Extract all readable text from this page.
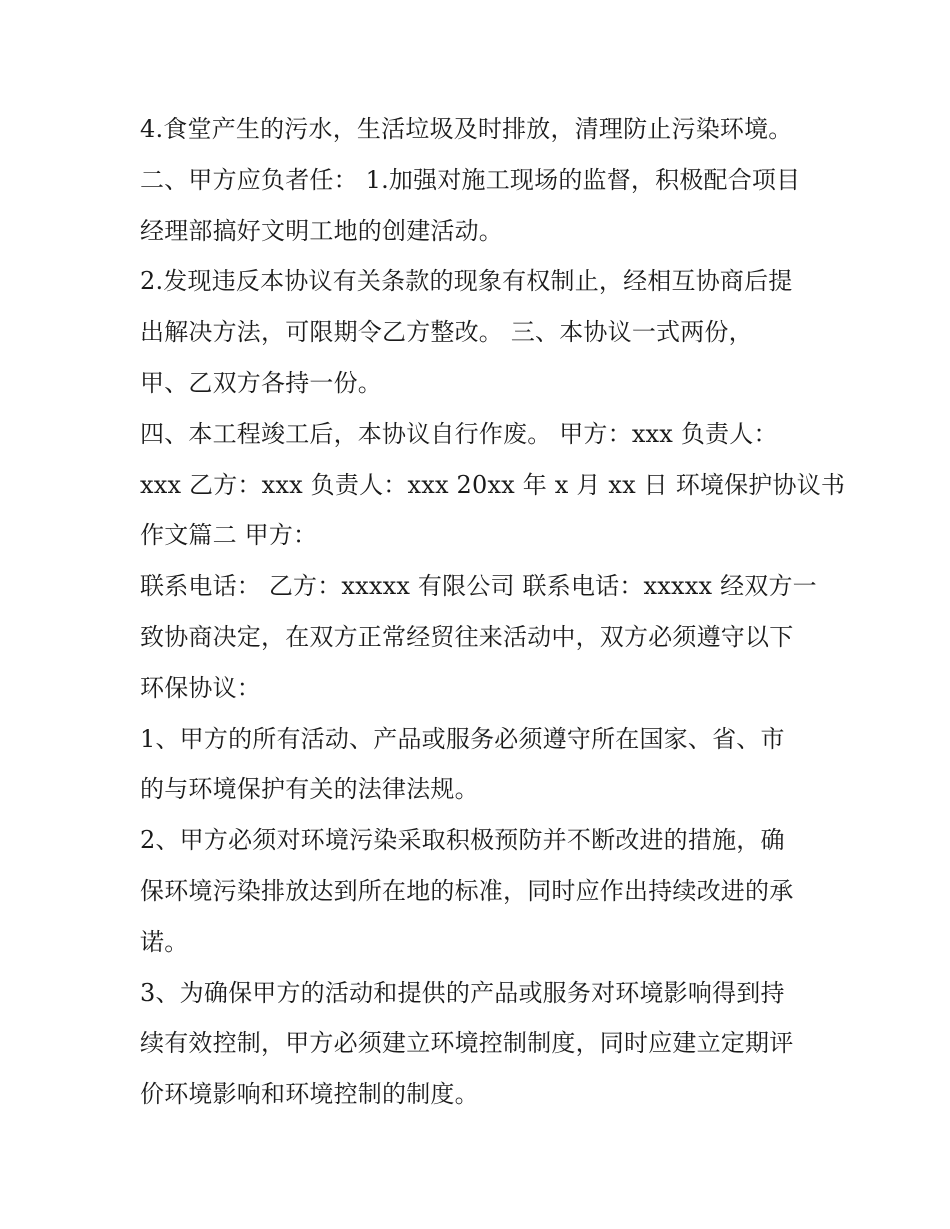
4.食堂产生的污水，生活垃圾及时排放，清理防止污染环境。
二、甲方应负者任： 1.加强对施工现场的监督，积极配合项目
经理部搞好文明工地的创建活动。
2.发现违反本协议有关条款的现象有权制止，经相互协商后提
出解决方法，可限期令乙方整改。 三、本协议一式两份，
甲、乙双方各持一份。
四、本工程竣工后，本协议自行作废。 甲方：xxx 负责人：
xxx 乙方：xxx 负责人：xxx 20xx 年 x 月 xx 日 环境保护协议书
作文篇二 甲方：
联系电话： 乙方：xxxxx 有限公司 联系电话：xxxxx 经双方一
致协商决定，在双方正常经贸往来活动中，双方必须遵守以下
环保协议：
1、甲方的所有活动、产品或服务必须遵守所在国家、省、市
的与环境保护有关的法律法规。
2、甲方必须对环境污染采取积极预防并不断改进的措施，确
保环境污染排放达到所在地的标准，同时应作出持续改进的承
诺。
3、为确保甲方的活动和提供的产品或服务对环境影响得到持
续有效控制，甲方必须建立环境控制制度，同时应建立定期评
价环境影响和环境控制的制度。
